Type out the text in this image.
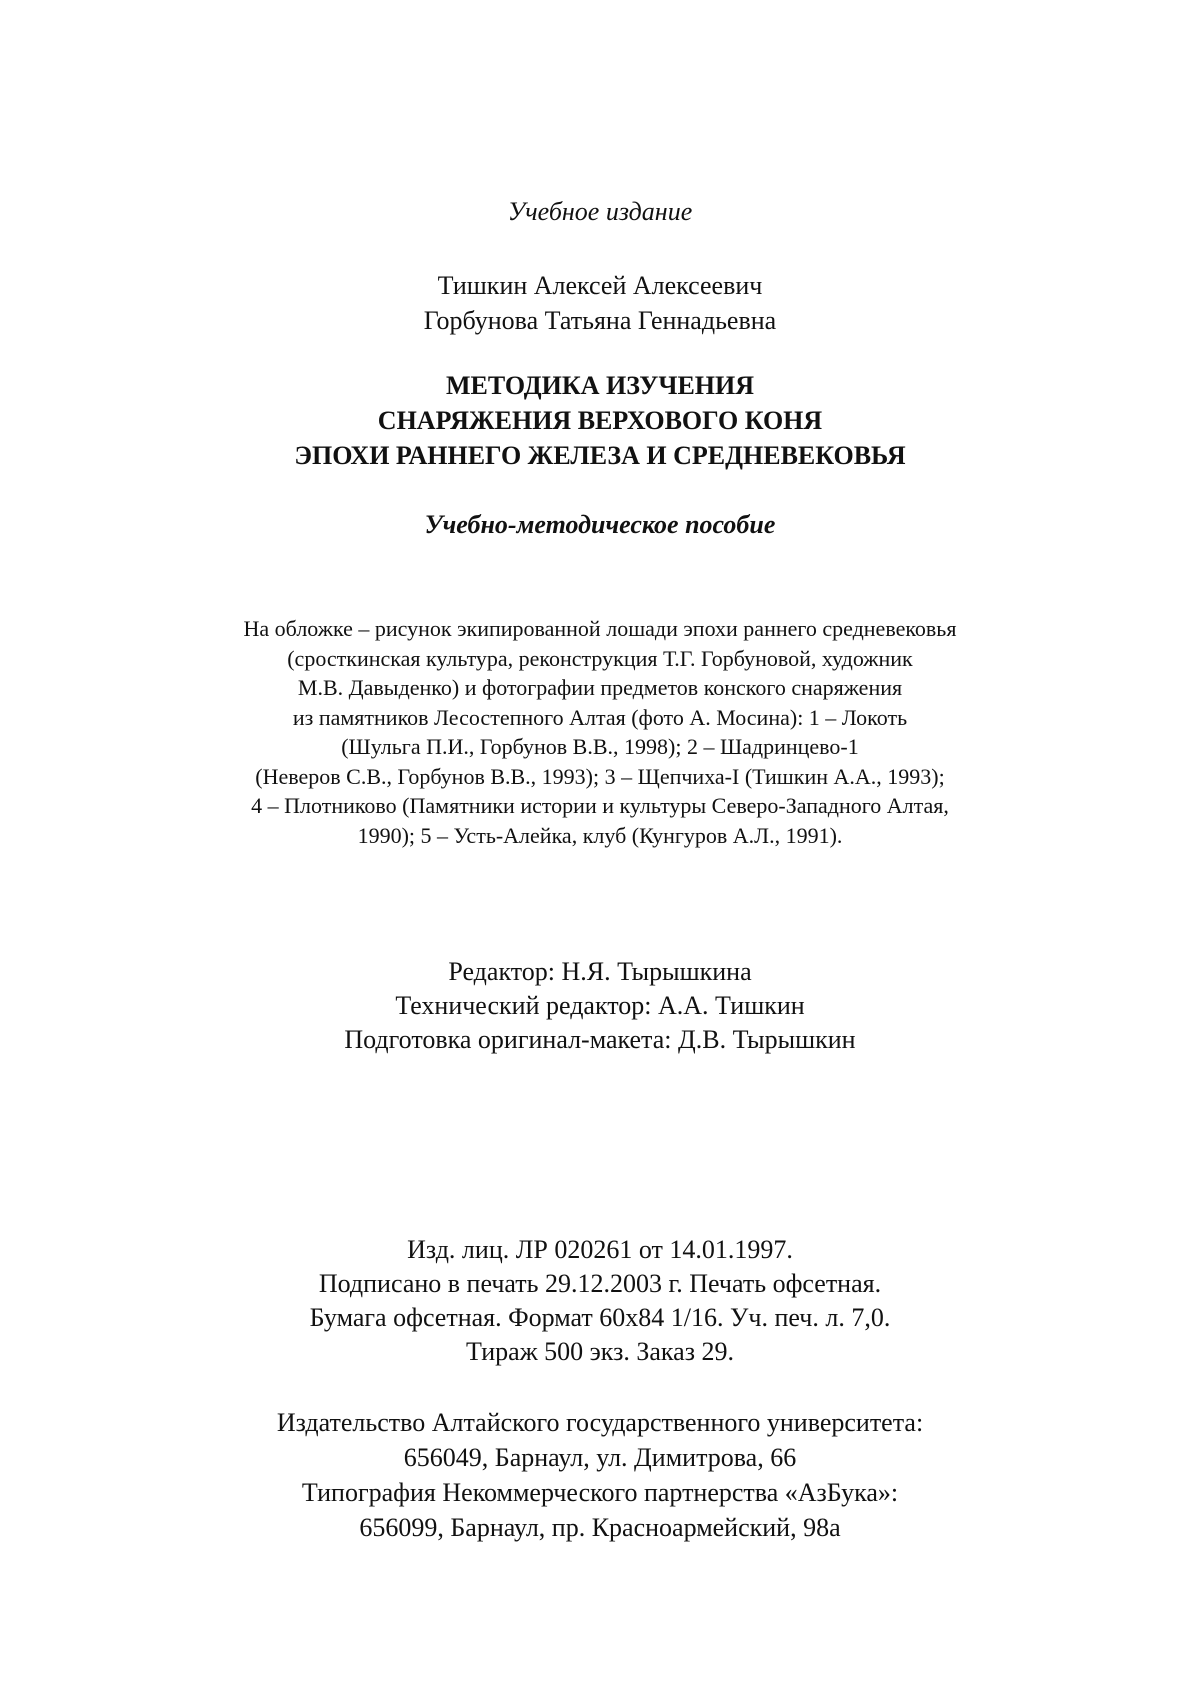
Учебное издание
Тишкин Алексей Алексеевич
Горбунова Татьяна Геннадьевна
МЕТОДИКА ИЗУЧЕНИЯ
СНАРЯЖЕНИЯ ВЕРХОВОГО КОНЯ
ЭПОХИ РАННЕГО ЖЕЛЕЗА И СРЕДНЕВЕКОВЬЯ
Учебно-методическое пособие
На обложке – рисунок экипированной лошади эпохи раннего средневековья
(сросткинская культура, реконструкция Т.Г. Горбуновой, художник
М.В. Давыденко) и фотографии предметов конского снаряжения
из памятников Лесостепного Алтая (фото А. Мосина): 1 – Локоть
(Шульга П.И., Горбунов В.В., 1998); 2 – Шадринцево-1
(Неверов С.В., Горбунов В.В., 1993); 3 – Щепчиха-I (Тишкин А.А., 1993);
4 – Плотниково (Памятники истории и культуры Северо-Западного Алтая,
1990); 5 – Усть-Алейка, клуб (Кунгуров А.Л., 1991).
Редактор: Н.Я. Тырышкина
Технический редактор: А.А. Тишкин
Подготовка оригинал-макета: Д.В. Тырышкин
Изд. лиц. ЛР 020261 от 14.01.1997.
Подписано в печать 29.12.2003 г. Печать офсетная.
Бумага офсетная. Формат 60x84 1/16. Уч. печ. л. 7,0.
Тираж 500 экз. Заказ 29.
Издательство Алтайского государственного университета:
656049, Барнаул, ул. Димитрова, 66
Типография Некоммерческого партнерства «АзБука»:
656099, Барнаул, пр. Красноармейский, 98а
